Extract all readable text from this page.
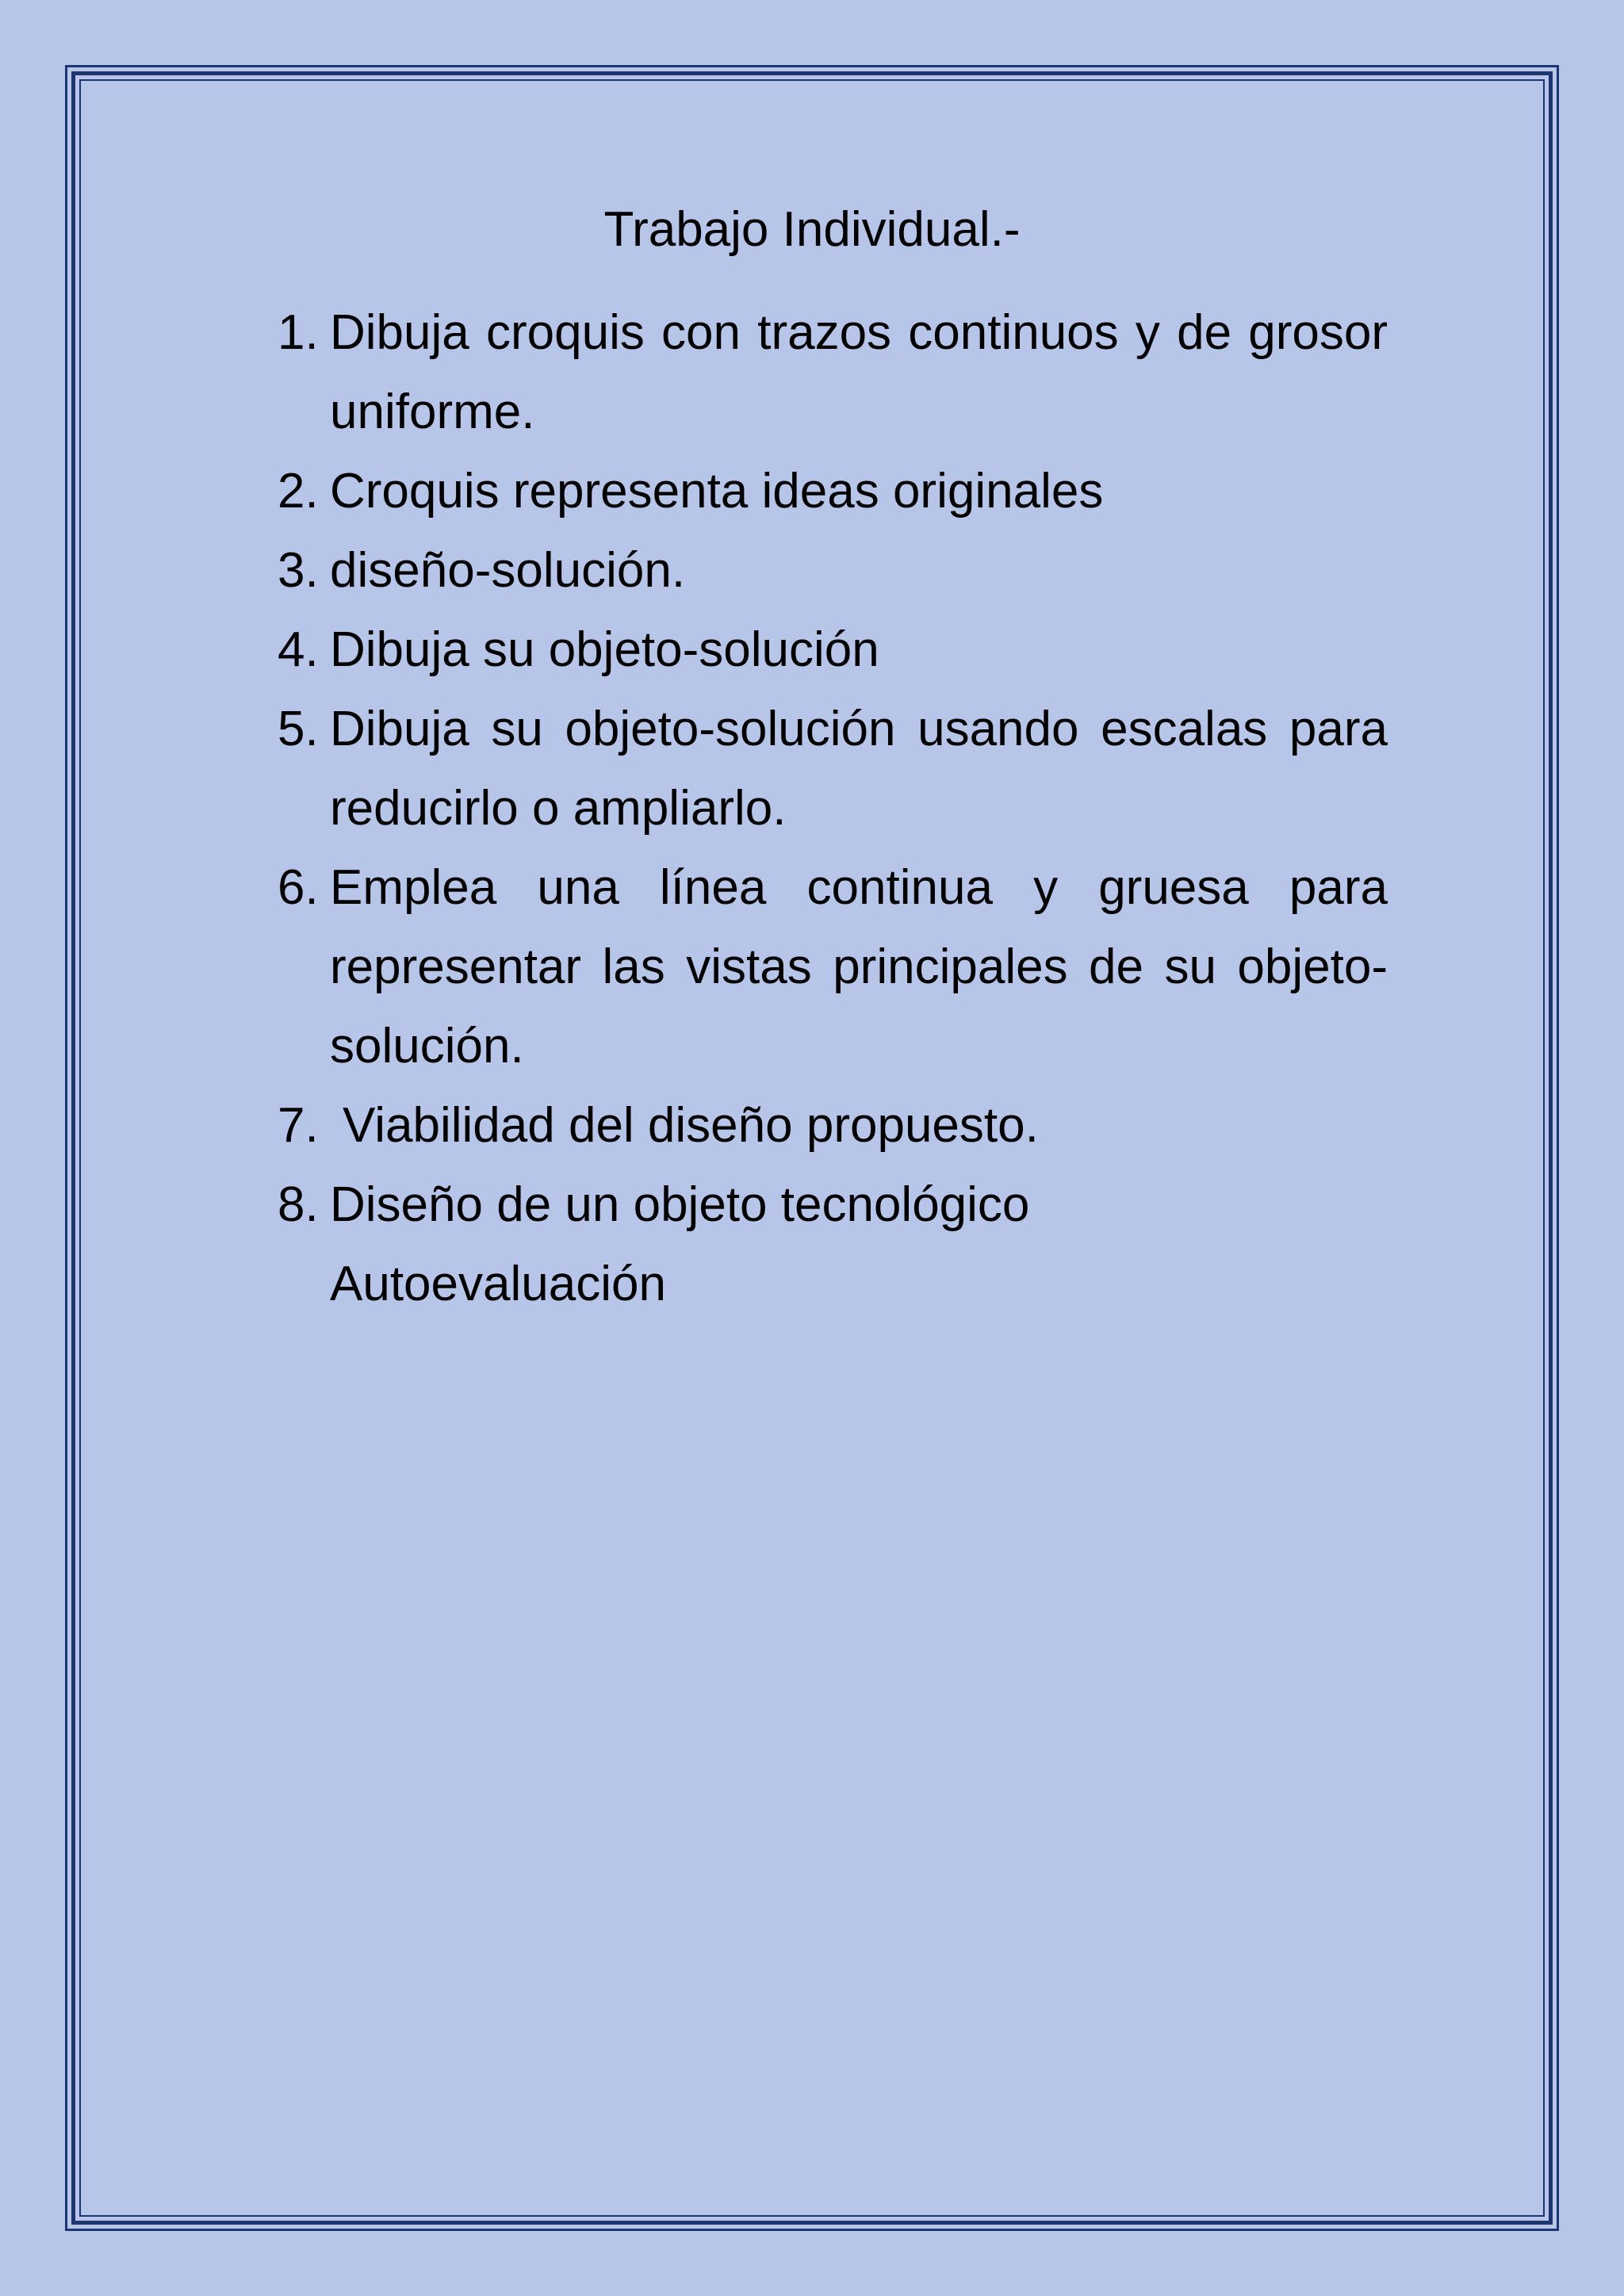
Trabajo Individual.-
1. Dibuja croquis con trazos continuos y de grosor uniforme.
2. Croquis representa ideas originales
3. diseño-solución.
4. Dibuja su objeto-solución
5. Dibuja su objeto-solución usando escalas para reducirlo o ampliarlo.
6. Emplea una línea continua y gruesa para representar las vistas principales de su objeto-solución.
7. Viabilidad del diseño propuesto.
8. Diseño de un objeto tecnológico
Autoevaluación
